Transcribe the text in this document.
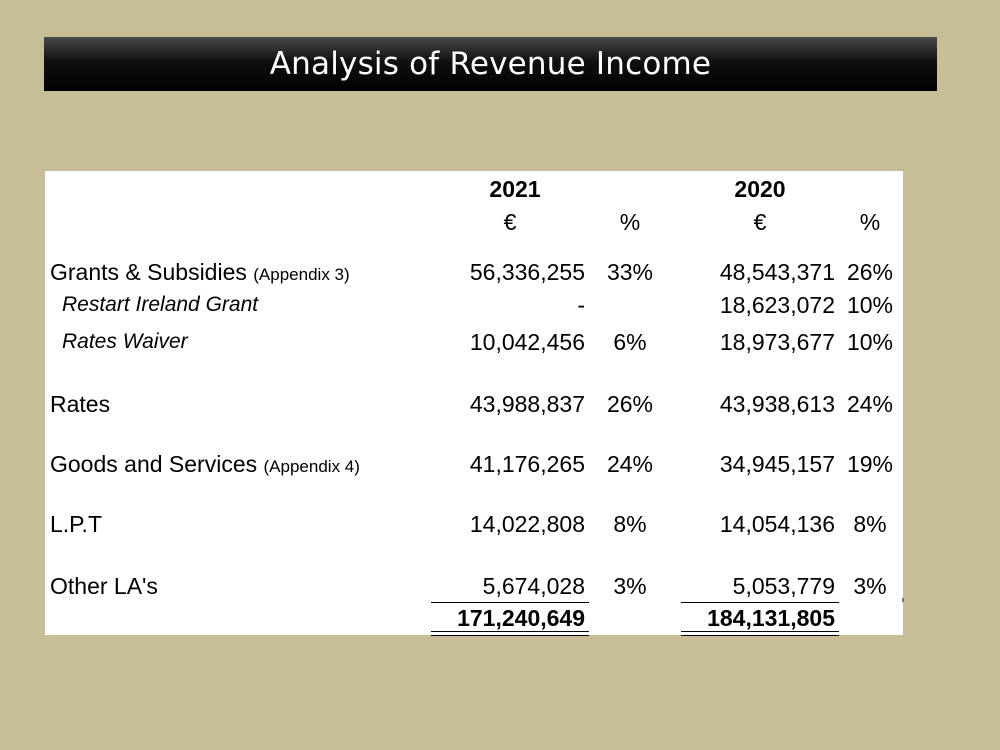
Analysis of Revenue Income
2021	2020
€	%	€	%
Grants & Subsidies (Appendix 3)	56,336,255 33%	48,543,371 26%
Restart Ireland Grant	-	18,623,072 10%
Rates Waiver	10,042,456	6%	18,973,677 10%
Rates	43,988,837 26%	43,938,613 24%
Goods and Services (Appendix 4)	41,176,265 24%	34,945,157 19%
L.P.T	14,022,808	8%	14,054,136 8%
Other LA's	5,674,028	3%	5,053,779 3%
171,240,649	184,131,805
